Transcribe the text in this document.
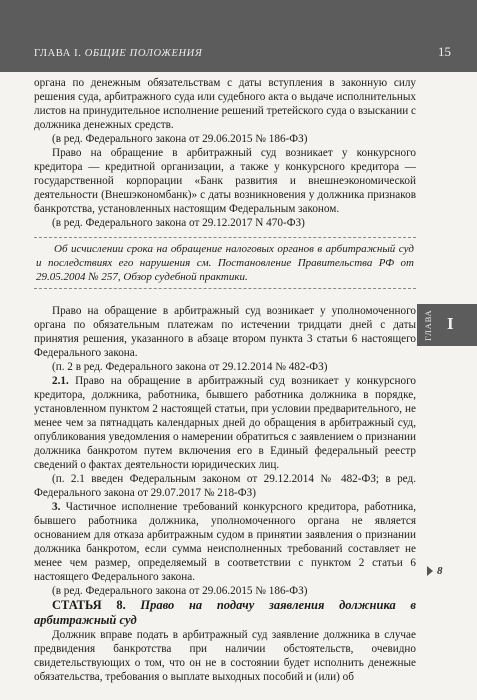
ГЛАВА I. ОБЩИЕ ПОЛОЖЕНИЯ	15
ГЛАВА I
8

органа по денежным обязательствам с даты вступления в законную силу решения суда, арбитражного суда или судебного акта о выдаче исполнительных листов на принудительное исполнение решений третейского суда о взыскании с должника денежных средств.

(в ред. Федерального закона от 29.06.2015 № 186-ФЗ)

Право на обращение в арбитражный суд возникает у конкурсного кредитора — кредитной организации, а также у конкурсного кредитора — государственной корпорации «Банк развития и внешнеэкономической деятельности (Внешэкономбанк)» с даты возникновения у должника признаков банкротства, установленных настоящим Федеральным законом.

(в ред. Федерального закона от 29.12.2017 N 470-ФЗ)

Об исчислении срока на обращение налоговых органов в арбитражный суд и последствиях его нарушения см. Постановление Правительства РФ от 29.05.2004 № 257, Обзор судебной практики.

Право на обращение в арбитражный суд возникает у уполномоченного органа по обязательным платежам по истечении тридцати дней с даты принятия решения, указанного в абзаце втором пункта 3 статьи 6 настоящего Федерального закона.

(п. 2 в ред. Федерального закона от 29.12.2014 № 482-ФЗ)

2.1. Право на обращение в арбитражный суд возникает у конкурсного кредитора, должника, работника, бывшего работника должника в порядке, установленном пунктом 2 настоящей статьи, при условии предварительного, не менее чем за пятнадцать календарных дней до обращения в арбитражный суд, опубликования уведомления о намерении обратиться с заявлением о признании должника банкротом путем включения его в Единый федеральный реестр сведений о фактах деятельности юридических лиц.

(п. 2.1 введен Федеральным законом от 29.12.2014 № 482-ФЗ; в ред. Федерального закона от 29.07.2017 № 218-ФЗ)

3. Частичное исполнение требований конкурсного кредитора, работника, бывшего работника должника, уполномоченного органа не является основанием для отказа арбитражным судом в принятии заявления о признании должника банкротом, если сумма неисполненных требований составляет не менее чем размер, определяемый в соответствии с пунктом 2 статьи 6 настоящего Федерального закона.

(в ред. Федерального закона от 29.06.2015 № 186-ФЗ)

СТАТЬЯ 8. Право на подачу заявления должника в арбитражный суд

Должник вправе подать в арбитражный суд заявление должника в случае предвидения банкротства при наличии обстоятельств, очевидно свидетельствующих о том, что он не в состоянии будет исполнить денежные обязательства, требования о выплате выходных пособий и (или) об
